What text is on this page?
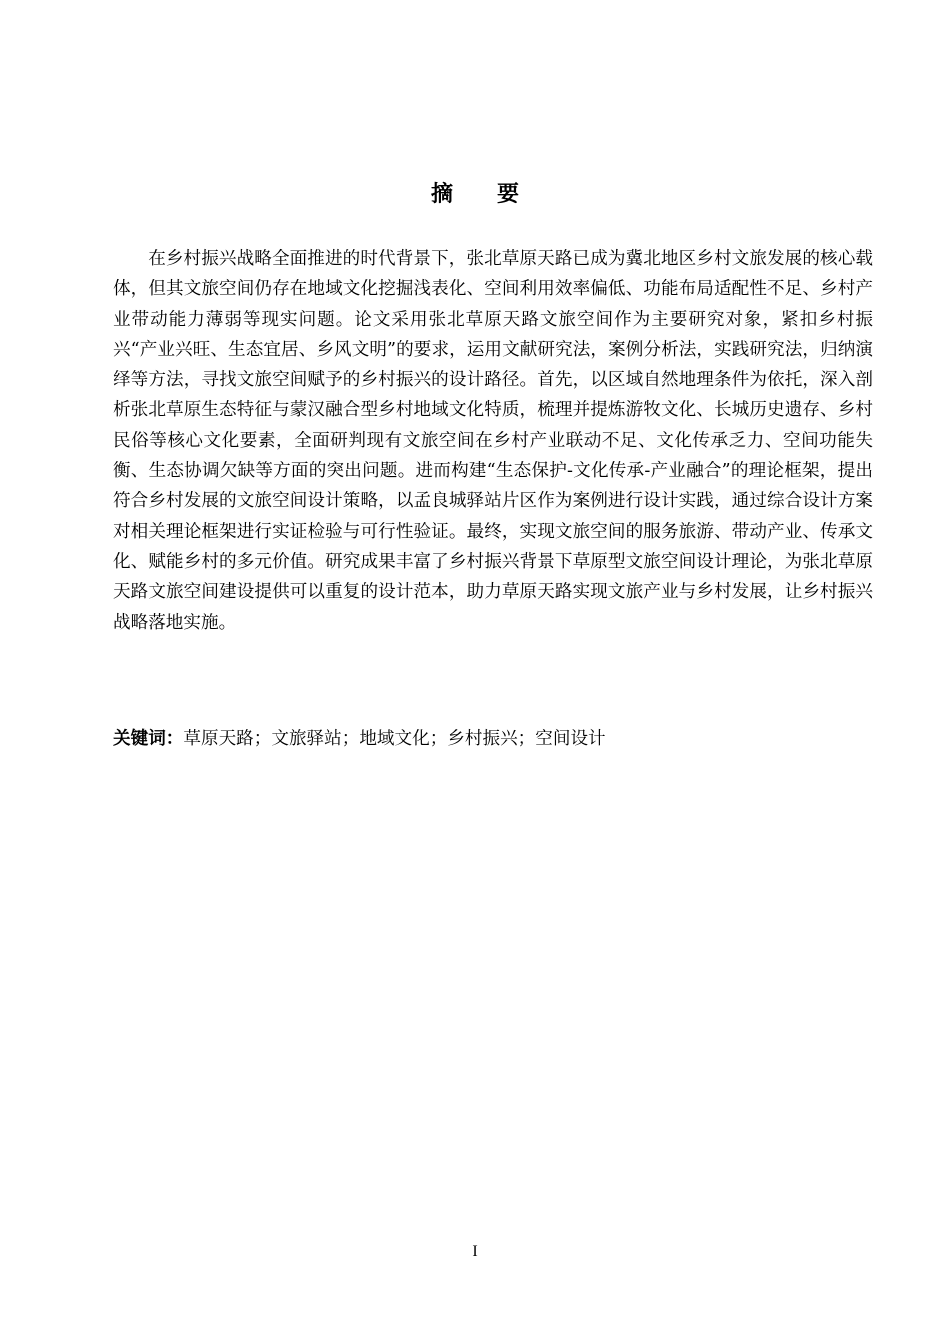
摘　　要

在乡村振兴战略全面推进的时代背景下，张北草原天路已成为冀北地区乡村文旅发展的核心载体，但其文旅空间仍存在地域文化挖掘浅表化、空间利用效率偏低、功能布局适配性不足、乡村产业带动能力薄弱等现实问题。论文采用张北草原天路文旅空间作为主要研究对象，紧扣乡村振兴“产业兴旺、生态宜居、乡风文明”的要求，运用文献研究法，案例分析法，实践研究法，归纳演绎等方法，寻找文旅空间赋予的乡村振兴的设计路径。首先，以区域自然地理条件为依托，深入剖析张北草原生态特征与蒙汉融合型乡村地域文化特质，梳理并提炼游牧文化、长城历史遗存、乡村民俗等核心文化要素，全面研判现有文旅空间在乡村产业联动不足、文化传承乏力、空间功能失衡、生态协调欠缺等方面的突出问题。进而构建“生态保护-文化传承-产业融合”的理论框架，提出符合乡村发展的文旅空间设计策略，以孟良城驿站片区作为案例进行设计实践，通过综合设计方案对相关理论框架进行实证检验与可行性验证。最终，实现文旅空间的服务旅游、带动产业、传承文化、赋能乡村的多元价值。研究成果丰富了乡村振兴背景下草原型文旅空间设计理论，为张北草原天路文旅空间建设提供可以重复的设计范本，助力草原天路实现文旅产业与乡村发展，让乡村振兴战略落地实施。

关键词：草原天路；文旅驿站；地域文化；乡村振兴；空间设计
I
